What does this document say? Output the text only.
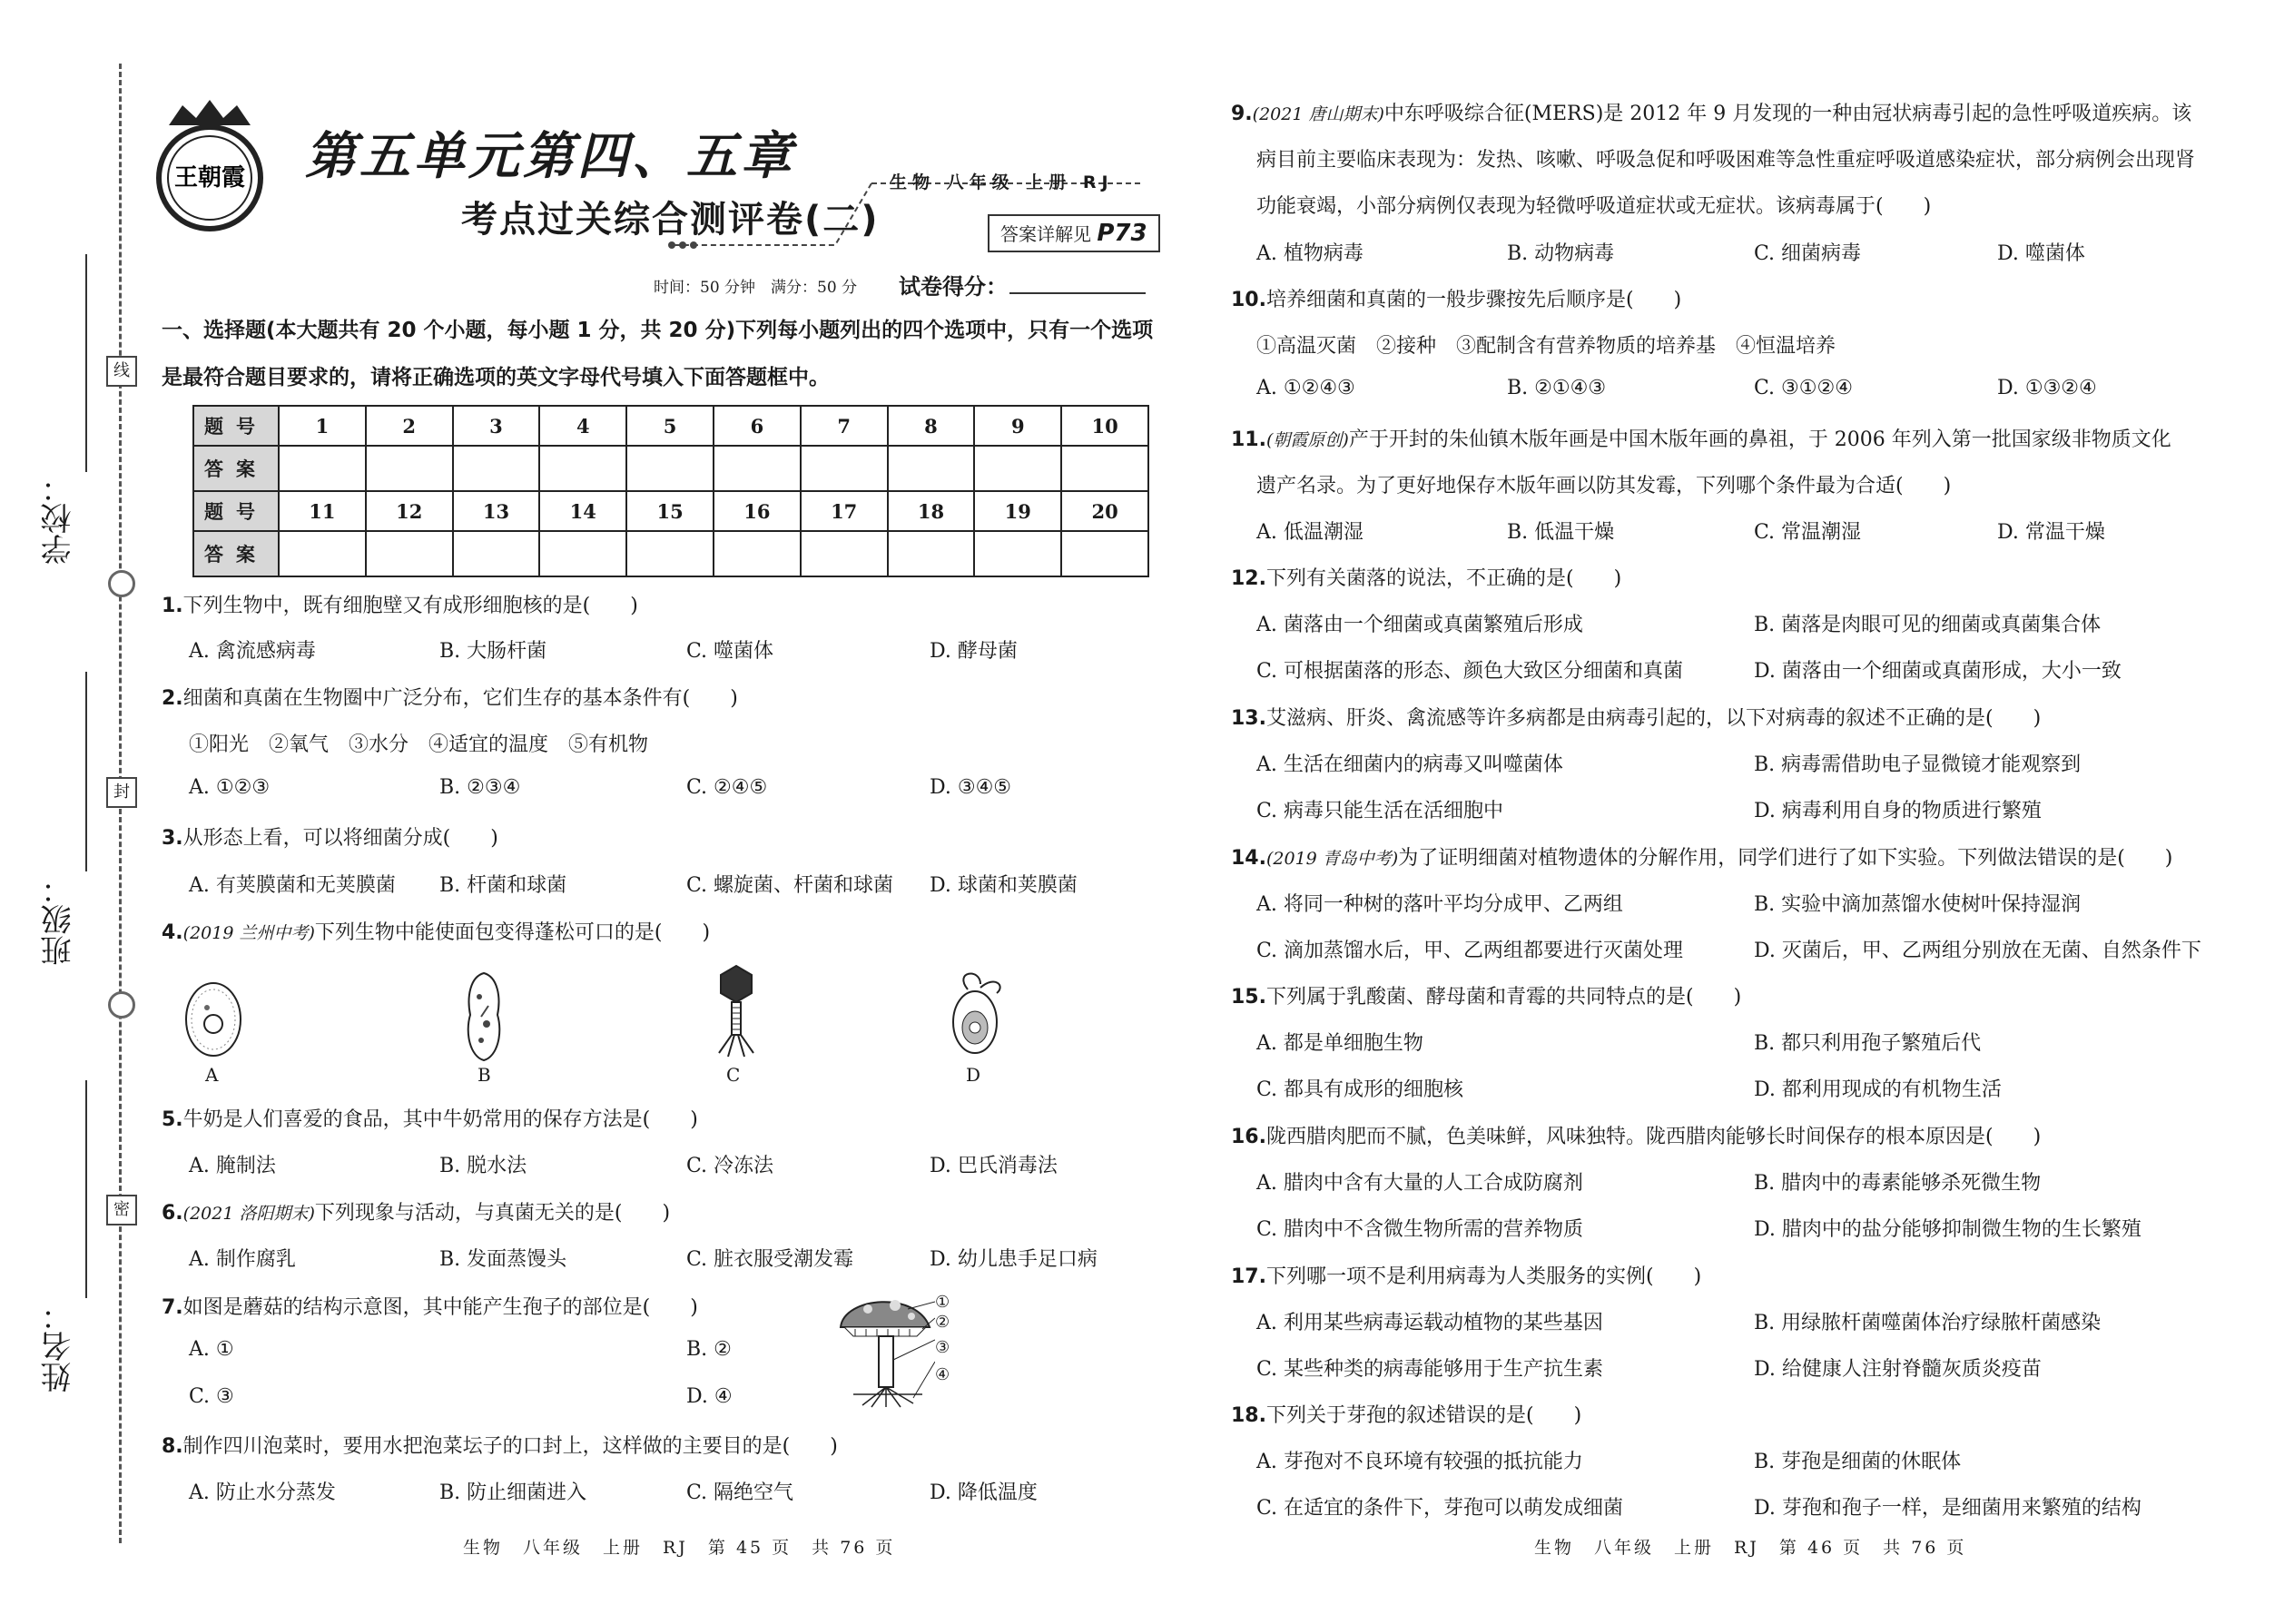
学校：
班级：
姓名：
线
封
密
王朝霞 第五单元第四、五章
考点过关综合测评卷(二)
生物 八年级 上册 RJ
答案详解见 P73
时间：50 分钟　满分：50 分 试卷得分：
一、选择题(本大题共有 20 个小题，每小题 1 分，共 20 分)下列每小题列出的四个选项中，只有一个选项是最符合题目要求的，请将正确选项的英文字母代号填入下面答题框中。
题号	1	2	3	4	5	6	7	8	9	10
答案										
题号	11	12	13	14	15	16	17	18	19	20
答案										
1.下列生物中，既有细胞壁又有成形细胞核的是(　　)
A. 禽流感病毒	B. 大肠杆菌	C. 噬菌体	D. 酵母菌
2.细菌和真菌在生物圈中广泛分布，它们生存的基本条件有(　　)
①阳光　②氧气　③水分　④适宜的温度　⑤有机物
A. ①②③	B. ②③④	C. ②④⑤	D. ③④⑤
3.从形态上看，可以将细菌分成(　　)
A. 有荚膜菌和无荚膜菌 B. 杆菌和球菌	C. 螺旋菌、杆菌和球菌 D. 球菌和荚膜菌
4.(2019 兰州中考)下列生物中能使面包变得蓬松可口的是(　　)
A	B	C	D
5.牛奶是人们喜爱的食品，其中牛奶常用的保存方法是(　　)
A. 腌制法	B. 脱水法	C. 冷冻法	D. 巴氏消毒法
6.(2021 洛阳期末)下列现象与活动，与真菌无关的是(　　)
A. 制作腐乳	B. 发面蒸馒头	C. 脏衣服受潮发霉	D. 幼儿患手足口病
7.如图是蘑菇的结构示意图，其中能产生孢子的部位是(　　)
A. ①	B. ②
C. ③	D. ④
①
②
③
④
8.制作四川泡菜时，要用水把泡菜坛子的口封上，这样做的主要目的是(　　)
A. 防止水分蒸发	B. 防止细菌进入	C. 隔绝空气	D. 降低温度
生物　八年级　上册　RJ　第 45 页　共 76 页
9.(2021 唐山期末)中东呼吸综合征(MERS)是 2012 年 9 月发现的一种由冠状病毒引起的急性呼吸道疾病。该
病目前主要临床表现为：发热、咳嗽、呼吸急促和呼吸困难等急性重症呼吸道感染症状，部分病例会出现肾
功能衰竭，小部分病例仅表现为轻微呼吸道症状或无症状。该病毒属于(　　)
A. 植物病毒	B. 动物病毒	C. 细菌病毒	D. 噬菌体
10.培养细菌和真菌的一般步骤按先后顺序是(　　)
①高温灭菌　②接种　③配制含有营养物质的培养基　④恒温培养
A. ①②④③	B. ②①④③	C. ③①②④	D. ①③②④
11.(朝霞原创)产于开封的朱仙镇木版年画是中国木版年画的鼻祖，于 2006 年列入第一批国家级非物质文化
遗产名录。为了更好地保存木版年画以防其发霉，下列哪个条件最为合适(　　)
A. 低温潮湿	B. 低温干燥	C. 常温潮湿	D. 常温干燥
12.下列有关菌落的说法，不正确的是(　　)
A. 菌落由一个细菌或真菌繁殖后形成	B. 菌落是肉眼可见的细菌或真菌集合体
C. 可根据菌落的形态、颜色大致区分细菌和真菌	D. 菌落由一个细菌或真菌形成，大小一致
13.艾滋病、肝炎、禽流感等许多病都是由病毒引起的，以下对病毒的叙述不正确的是(　　)
A. 生活在细菌内的病毒又叫噬菌体	B. 病毒需借助电子显微镜才能观察到
C. 病毒只能生活在活细胞中	D. 病毒利用自身的物质进行繁殖
14.(2019 青岛中考)为了证明细菌对植物遗体的分解作用，同学们进行了如下实验。下列做法错误的是(　　)
A. 将同一种树的落叶平均分成甲、乙两组	B. 实验中滴加蒸馏水使树叶保持湿润
C. 滴加蒸馏水后，甲、乙两组都要进行灭菌处理	D. 灭菌后，甲、乙两组分别放在无菌、自然条件下
15.下列属于乳酸菌、酵母菌和青霉的共同特点的是(　　)
A. 都是单细胞生物	B. 都只利用孢子繁殖后代
C. 都具有成形的细胞核	D. 都利用现成的有机物生活
16.陇西腊肉肥而不腻，色美味鲜，风味独特。陇西腊肉能够长时间保存的根本原因是(　　)
A. 腊肉中含有大量的人工合成防腐剂	B. 腊肉中的毒素能够杀死微生物
C. 腊肉中不含微生物所需的营养物质	D. 腊肉中的盐分能够抑制微生物的生长繁殖
17.下列哪一项不是利用病毒为人类服务的实例(　　)
A. 利用某些病毒运载动植物的某些基因	B. 用绿脓杆菌噬菌体治疗绿脓杆菌感染
C. 某些种类的病毒能够用于生产抗生素	D. 给健康人注射脊髓灰质炎疫苗
18.下列关于芽孢的叙述错误的是(　　)
A. 芽孢对不良环境有较强的抵抗能力	B. 芽孢是细菌的休眠体
C. 在适宜的条件下，芽孢可以萌发成细菌	D. 芽孢和孢子一样，是细菌用来繁殖的结构
生物　八年级　上册　RJ　第 46 页　共 76 页
